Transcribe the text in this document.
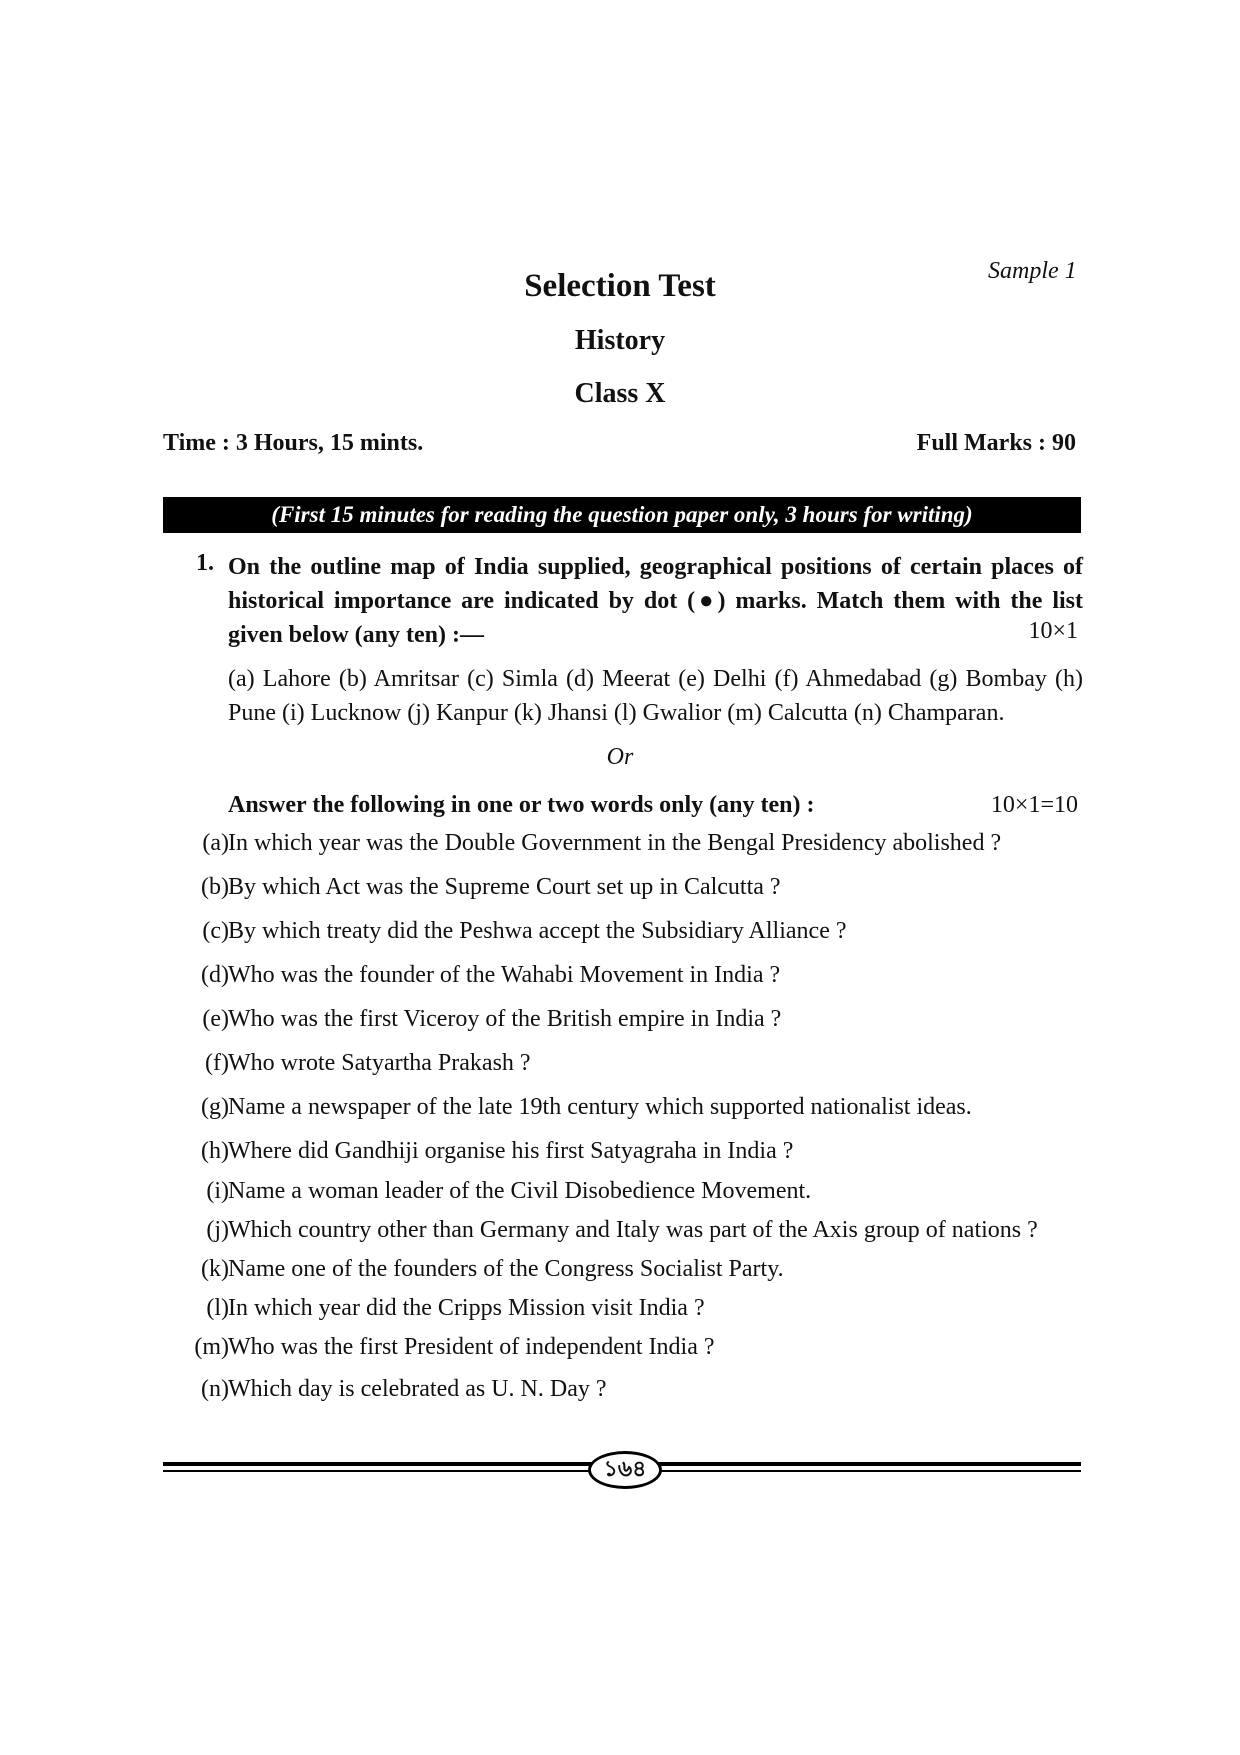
Sample 1
Selection Test
History
Class X
Time : 3 Hours, 15 mints.	Full Marks : 90
(First 15 minutes for reading the question paper only, 3 hours for writing)
1. On the outline map of India supplied, geographical positions of certain places of historical importance are indicated by dot (●) marks. Match them with the list given below (any ten) :—	10×1
(a) Lahore (b) Amritsar (c) Simla (d) Meerat (e) Delhi (f) Ahmedabad (g) Bombay (h) Pune (i) Lucknow (j) Kanpur (k) Jhansi (l) Gwalior (m) Calcutta (n) Champaran.
Or
Answer the following in one or two words only (any ten) :	10×1=10
(a) In which year was the Double Government in the Bengal Presidency abolished ?
(b) By which Act was the Supreme Court set up in Calcutta ?
(c) By which treaty did the Peshwa accept the Subsidiary Alliance ?
(d) Who was the founder of the Wahabi Movement in India ?
(e) Who was the first Viceroy of the British empire in India ?
(f) Who wrote Satyartha Prakash ?
(g) Name a newspaper of the late 19th century which supported nationalist ideas.
(h) Where did Gandhiji organise his first Satyagraha in India ?
(i) Name a woman leader of the Civil Disobedience Movement.
(j) Which country other than Germany and Italy was part of the Axis group of nations ?
(k) Name one of the founders of the Congress Socialist Party.
(l) In which year did the Cripps Mission visit India ?
(m) Who was the first President of independent India ?
(n) Which day is celebrated as U. N. Day ?
১৬৪
